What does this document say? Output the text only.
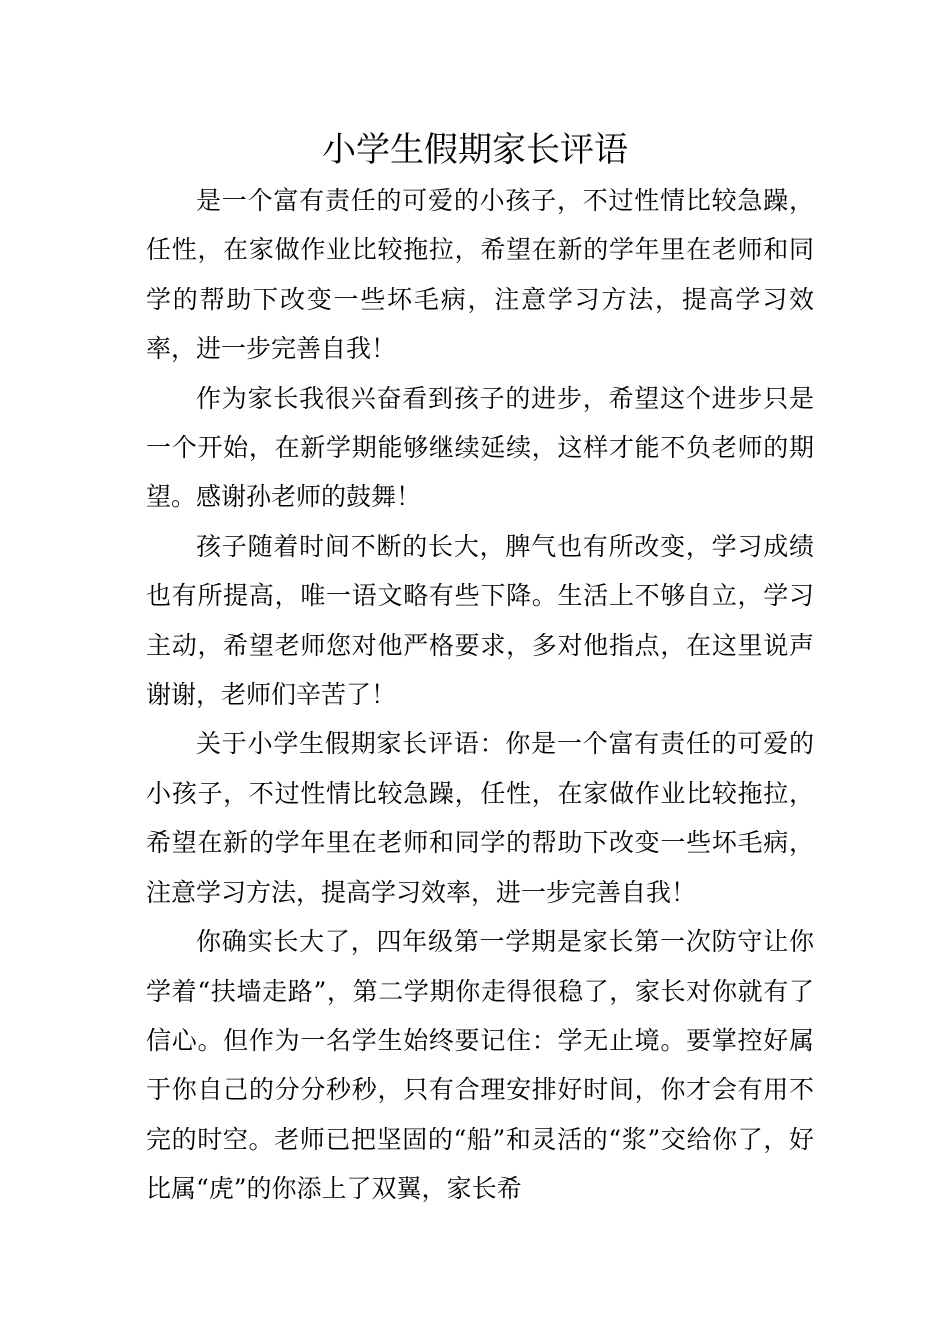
小学生假期家长评语

是一个富有责任的可爱的小孩子，不过性情比较急躁，任性，在家做作业比较拖拉，希望在新的学年里在老师和同学的帮助下改变一些坏毛病，注意学习方法，提高学习效率，进一步完善自我！

作为家长我很兴奋看到孩子的进步，希望这个进步只是一个开始，在新学期能够继续延续，这样才能不负老师的期望。感谢孙老师的鼓舞！

孩子随着时间不断的长大，脾气也有所改变，学习成绩也有所提高，唯一语文略有些下降。生活上不够自立，学习主动，希望老师您对他严格要求，多对他指点，在这里说声谢谢，老师们辛苦了！

关于小学生假期家长评语：你是一个富有责任的可爱的小孩子，不过性情比较急躁，任性，在家做作业比较拖拉，希望在新的学年里在老师和同学的帮助下改变一些坏毛病，注意学习方法，提高学习效率，进一步完善自我！

你确实长大了，四年级第一学期是家长第一次防守让你学着“扶墙走路”，第二学期你走得很稳了，家长对你就有了信心。但作为一名学生始终要记住：学无止境。要掌控好属于你自己的分分秒秒，只有合理安排好时间，你才会有用不完的时空。老师已把坚固的“船”和灵活的“浆”交给你了，好比属“虎”的你添上了双翼，家长希
